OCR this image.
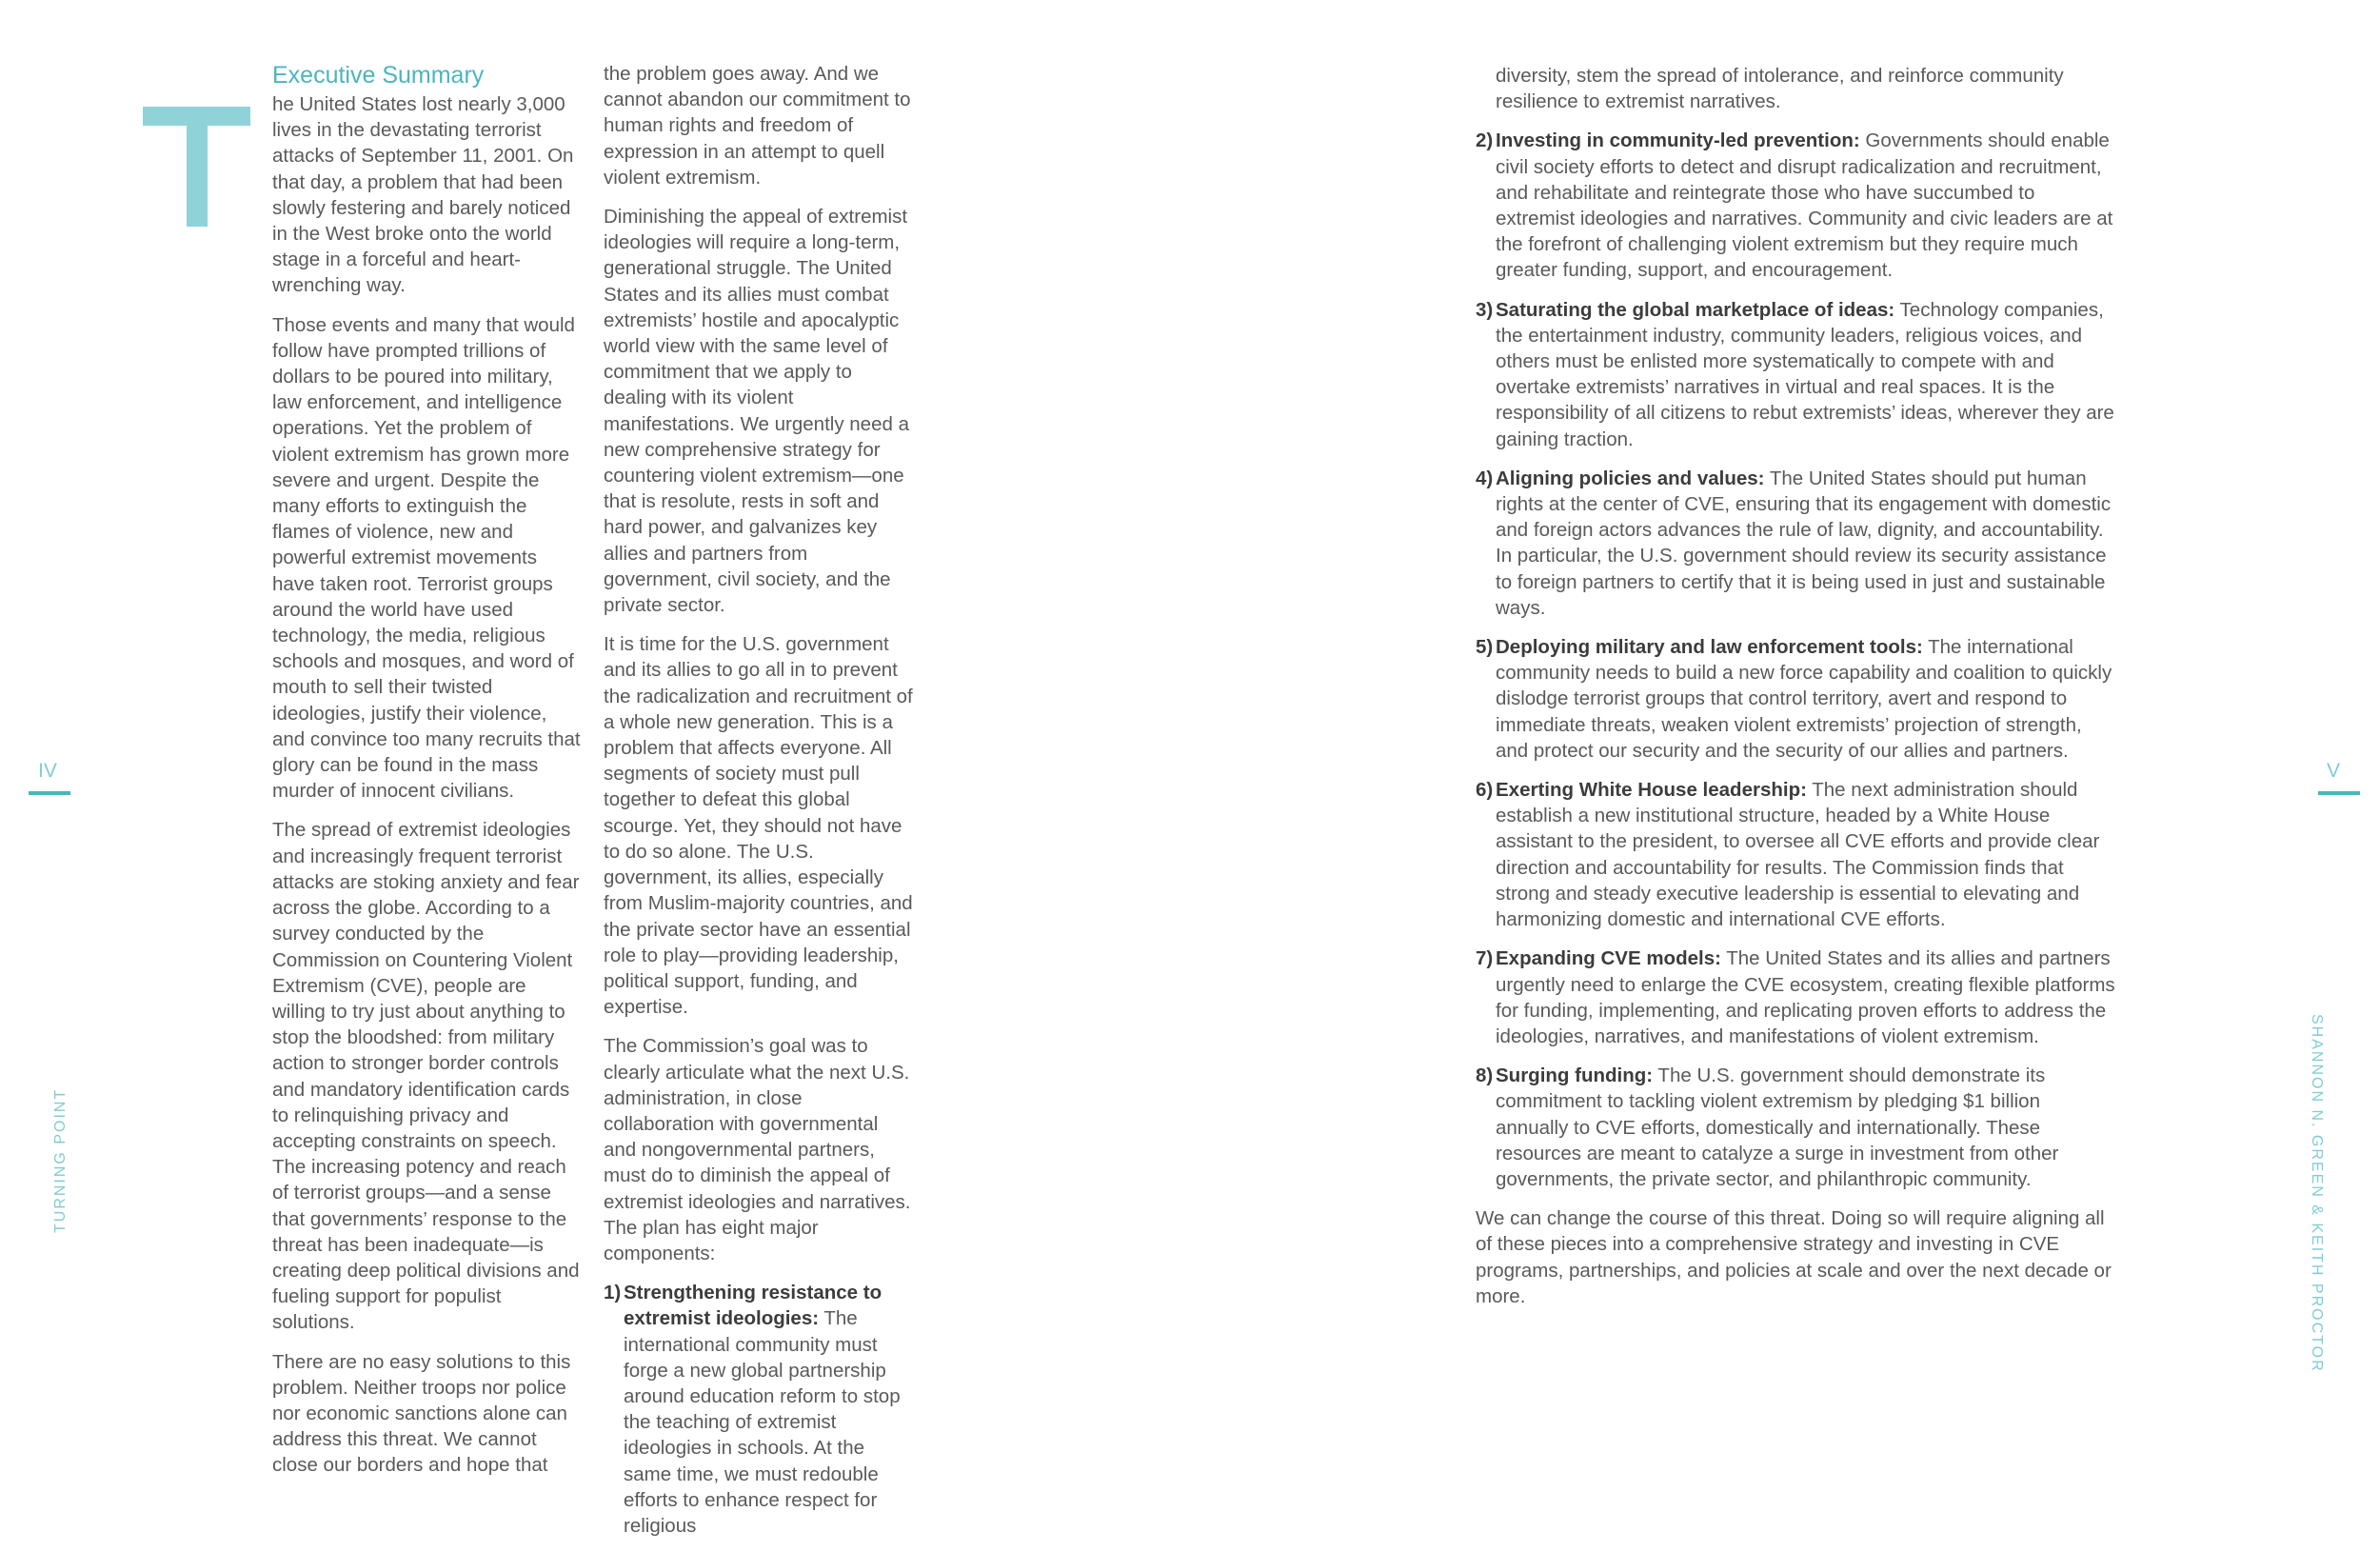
Executive Summary

he United States lost nearly 3,000 lives in the devastating terrorist attacks of September 11, 2001. On that day, a problem that had been slowly festering and barely noticed in the West broke onto the world stage in a forceful and heart-wrenching way.

Those events and many that would follow have prompted trillions of dollars to be poured into military, law enforcement, and intelligence operations. Yet the problem of violent extremism has grown more severe and urgent. Despite the many efforts to extinguish the flames of violence, new and powerful extremist movements have taken root. Terrorist groups around the world have used technology, the media, religious schools and mosques, and word of mouth to sell their twisted ideologies, justify their violence, and convince too many recruits that glory can be found in the mass murder of innocent civilians.

The spread of extremist ideologies and increasingly frequent terrorist attacks are stoking anxiety and fear across the globe. According to a survey conducted by the Commission on Countering Violent Extremism (CVE), people are willing to try just about anything to stop the bloodshed: from military action to stronger border controls and mandatory identification cards to relinquishing privacy and accepting constraints on speech. The increasing potency and reach of terrorist groups—and a sense that governments’ response to the threat has been inadequate—is creating deep political divisions and fueling support for populist solutions.

There are no easy solutions to this problem. Neither troops nor police nor economic sanctions alone can address this threat. We cannot close our borders and hope that

the problem goes away. And we cannot abandon our commitment to human rights and freedom of expression in an attempt to quell violent extremism.

Diminishing the appeal of extremist ideologies will require a long-term, generational struggle. The United States and its allies must combat extremists’ hostile and apocalyptic world view with the same level of commitment that we apply to dealing with its violent manifestations. We urgently need a new comprehensive strategy for countering violent extremism—one that is resolute, rests in soft and hard power, and galvanizes key allies and partners from government, civil society, and the private sector.

It is time for the U.S. government and its allies to go all in to prevent the radicalization and recruitment of a whole new generation. This is a problem that affects everyone. All segments of society must pull together to defeat this global scourge. Yet, they should not have to do so alone. The U.S. government, its allies, especially from Muslim-majority countries, and the private sector have an essential role to play—providing leadership, political support, funding, and expertise.

The Commission’s goal was to clearly articulate what the next U.S. administration, in close collaboration with governmental and nongovernmental partners, must do to diminish the appeal of extremist ideologies and narratives. The plan has eight major components:

1) Strengthening resistance to extremist ideologies: The international community must forge a new global partnership around education reform to stop the teaching of extremist ideologies in schools. At the same time, we must redouble efforts to enhance respect for religious
IV
TURNING POINT

diversity, stem the spread of intolerance, and reinforce community resilience to extremist narratives.

2) Investing in community-led prevention: Governments should enable civil society efforts to detect and disrupt radicalization and recruitment, and rehabilitate and reintegrate those who have succumbed to extremist ideologies and narratives. Community and civic leaders are at the forefront of challenging violent extremism but they require much greater funding, support, and encouragement.
3) Saturating the global marketplace of ideas: Technology companies, the entertainment industry, community leaders, religious voices, and others must be enlisted more systematically to compete with and overtake extremists’ narratives in virtual and real spaces. It is the responsibility of all citizens to rebut extremists’ ideas, wherever they are gaining traction.
4) Aligning policies and values: The United States should put human rights at the center of CVE, ensuring that its engagement with domestic and foreign actors advances the rule of law, dignity, and accountability. In particular, the U.S. government should review its security assistance to foreign partners to certify that it is being used in just and sustainable ways.
5) Deploying military and law enforcement tools: The international community needs to build a new force capability and coalition to quickly dislodge terrorist groups that control territory, avert and respond to immediate threats, weaken violent extremists’ projection of strength, and protect our security and the security of our allies and partners.
6) Exerting White House leadership: The next administration should establish a new institutional structure, headed by a White House assistant to the president, to oversee all CVE efforts and provide clear direction and accountability for results. The Commission finds that strong and steady executive leadership is essential to elevating and harmonizing domestic and international CVE efforts.
7) Expanding CVE models: The United States and its allies and partners urgently need to enlarge the CVE ecosystem, creating flexible platforms for funding, implementing, and replicating proven efforts to address the ideologies, narratives, and manifestations of violent extremism.
8) Surging funding: The U.S. government should demonstrate its commitment to tackling violent extremism by pledging $1 billion annually to CVE efforts, domestically and internationally. These resources are meant to catalyze a surge in investment from other governments, the private sector, and philanthropic community.

We can change the course of this threat. Doing so will require aligning all of these pieces into a comprehensive strategy and investing in CVE programs, partnerships, and policies at scale and over the next decade or more.

V
SHANNON N. GREEN & KEITH PROCTOR
